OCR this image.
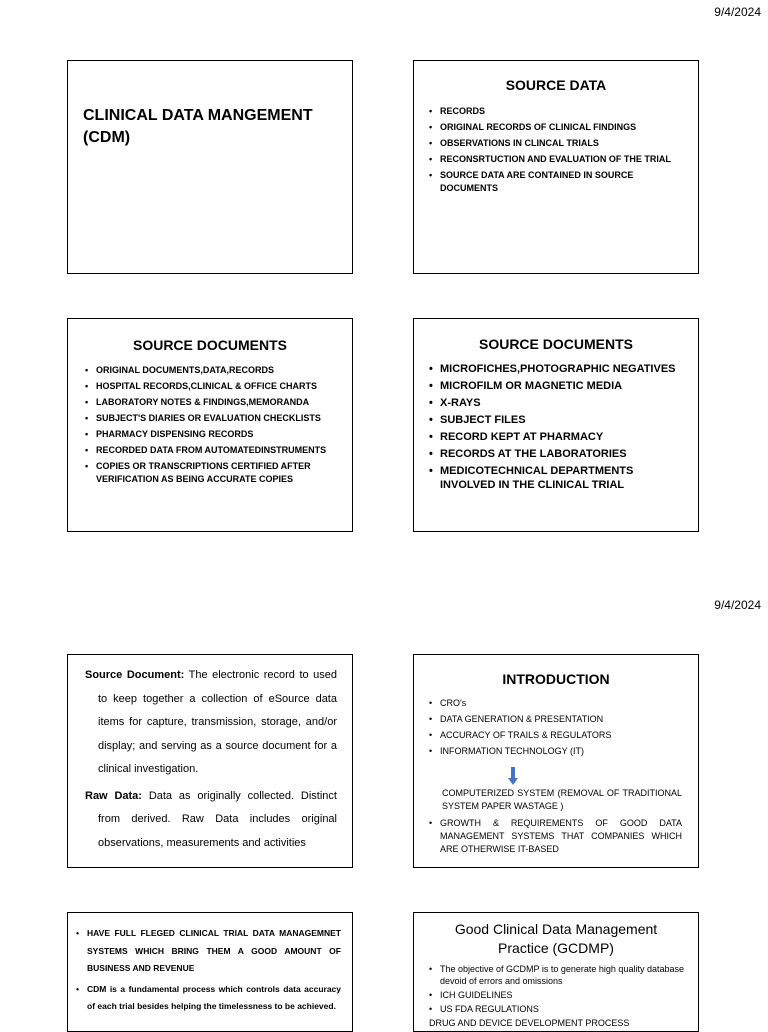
9/4/2024
CLINICAL DATA MANGEMENT
(CDM)
SOURCE DATA
• RECORDS
• ORIGINAL RECORDS OF CLINICAL FINDINGS
• OBSERVATIONS IN CLINCAL TRIALS
• RECONSRTUCTION AND EVALUATION OF THE TRIAL
• SOURCE DATA ARE CONTAINED IN SOURCE DOCUMENTS
SOURCE DOCUMENTS
• ORIGINAL DOCUMENTS,DATA,RECORDS
• HOSPITAL RECORDS,CLINICAL & OFFICE CHARTS
• LABORATORY NOTES & FINDINGS,MEMORANDA
• SUBJECT'S DIARIES OR EVALUATION CHECKLISTS
• PHARMACY DISPENSING RECORDS
• RECORDED DATA FROM AUTOMATEDINSTRUMENTS
• COPIES OR TRANSCRIPTIONS CERTIFIED AFTER VERIFICATION AS BEING ACCURATE COPIES
SOURCE DOCUMENTS
• MICROFICHES,PHOTOGRAPHIC NEGATIVES
• MICROFILM OR MAGNETIC MEDIA
• X-RAYS
• SUBJECT FILES
• RECORD KEPT AT PHARMACY
• RECORDS AT THE LABORATORIES
• MEDICOTECHNICAL DEPARTMENTS INVOLVED IN THE CLINICAL TRIAL
9/4/2024

Source Document: The electronic record to used to keep together a collection of eSource data items for capture, transmission, storage, and/or display; and serving as a source document for a clinical investigation.

Raw Data: Data as originally collected. Distinct from derived. Raw Data includes original observations, measurements and activities

INTRODUCTION
• CRO's
• DATA GENERATION & PRESENTATION
• ACCURACY OF TRAILS & REGULATORS
• INFORMATION TECHNOLOGY (IT)
COMPUTERIZED SYSTEM (REMOVAL OF TRADITIONAL SYSTEM PAPER WASTAGE )
• GROWTH & REQUIREMENTS OF GOOD DATA MANAGEMENT SYSTEMS THAT COMPANIES WHICH ARE OTHERWISE IT-BASED
• HAVE FULL FLEGED CLINICAL TRIAL DATA MANAGEMNET SYSTEMS WHICH BRING THEM A GOOD AMOUNT OF BUSINESS AND REVENUE
• CDM is a fundamental process which controls data accuracy of each trial besides helping the timelessness to be achieved.
Good Clinical Data Management Practice (GCDMP)
• The objective of GCDMP is to generate high quality database devoid of errors and omissions
• ICH GUIDELINES
• US FDA REGULATIONS
DRUG AND DEVICE DEVELOPMENT PROCESS
